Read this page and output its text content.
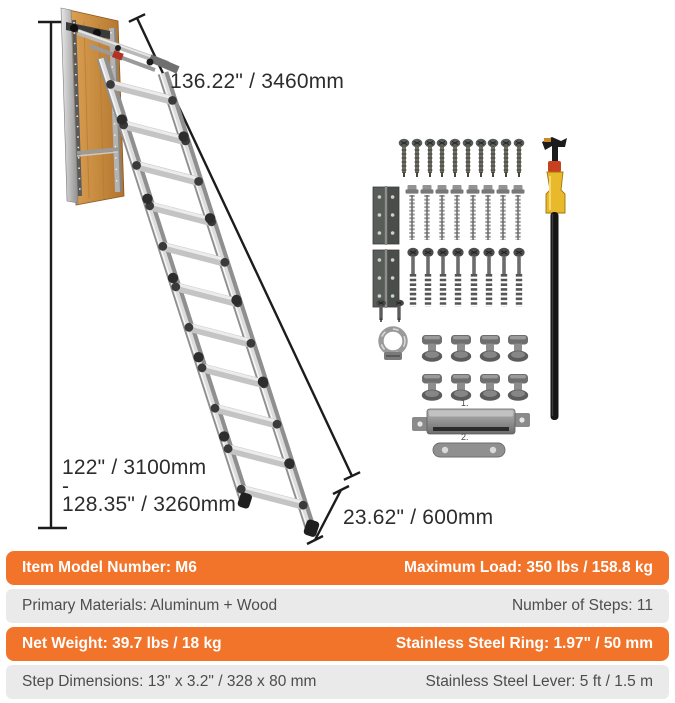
136.22" / 3460mm
122" / 3100mm
-
128.35" / 3260mm
23.62" / 600mm
1.
2.
Item Model Number: M6	Maximum Load: 350 lbs / 158.8 kg
Primary Materials: Aluminum + Wood	Number of Steps: 11
Net Weight: 39.7 lbs / 18 kg	Stainless Steel Ring: 1.97" / 50 mm
Step Dimensions: 13" x 3.2" / 328 x 80 mm	Stainless Steel Lever: 5 ft / 1.5 m
